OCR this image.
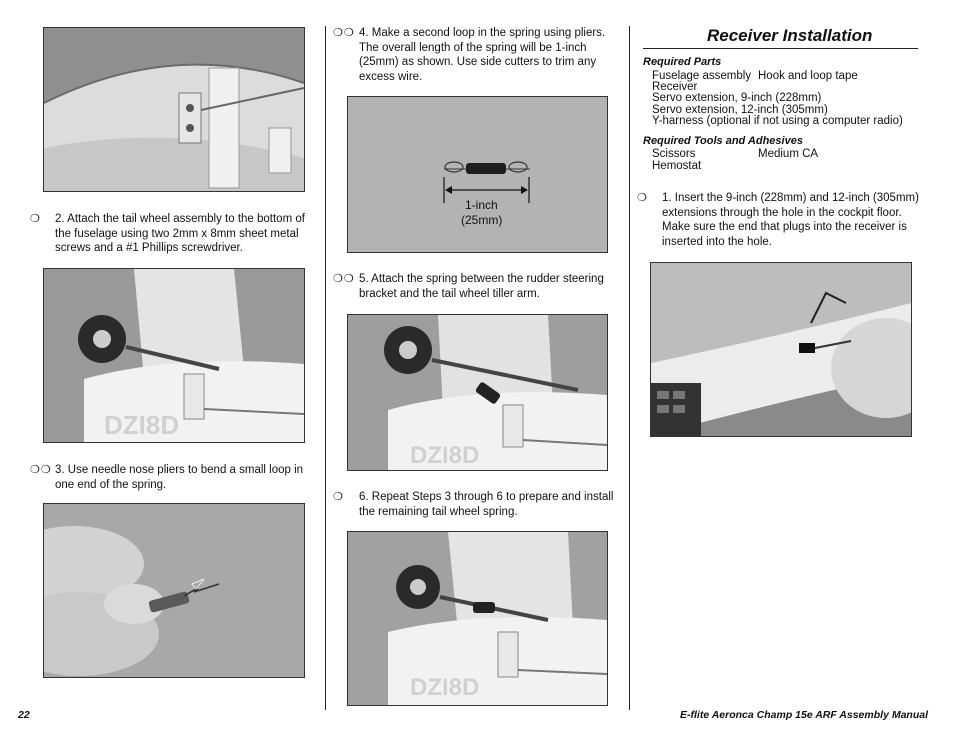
❍ 2. Attach the tail wheel assembly to the bottom of the fuselage using two 2mm x 8mm sheet metal screws and a #1 Phillips screwdriver.
DZI8D
❍❍ 3. Use needle nose pliers to bend a small loop in one end of the spring.
❍❍ 4. Make a second loop in the spring using pliers. The overall length of the spring will be 1-inch (25mm) as shown. Use side cutters to trim any excess wire.
1-inch
(25mm)
❍❍ 5. Attach the spring between the rudder steering bracket and the tail wheel tiller arm.
DZI8D
❍ 6. Repeat Steps 3 through 6 to prepare and install the remaining tail wheel spring.
DZI8D
Receiver Installation
Required Parts
Fuselage assembly Hook and loop tape
Receiver
Servo extension, 9-inch (228mm)
Servo extension, 12-inch (305mm)
Y-harness (optional if not using a computer radio)
Required Tools and Adhesives
Scissors	Medium CA
Hemostat
❍ 1. Insert the 9-inch (228mm) and 12-inch (305mm) extensions through the hole in the cockpit floor. Make sure the end that plugs into the receiver is inserted into the hole.
22	E-flite Aeronca Champ 15e ARF Assembly Manual
